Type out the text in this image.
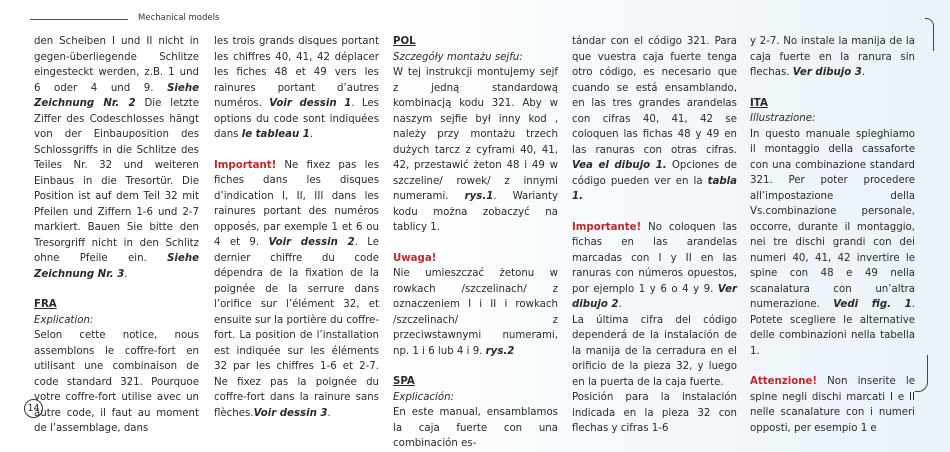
Mechanical models

den Scheiben I und II nicht in gegen-überliegende Schlitze eingesteckt werden, z.B. 1 und 6 oder 4 und 9. Siehe Zeichnung Nr. 2 Die letzte Ziffer des Codeschlosses hängt von der Einbauposition des Schlossgriffs in die Schlitze des Teiles Nr. 32 und weiteren Einbaus in die Tresortür. Die Position ist auf dem Teil 32 mit Pfeilen und Ziffern 1-6 und 2-7 markiert. Bauen Sie bitte den Tresorgriff nicht in den Schlitz ohne Pfeile ein. Siehe Zeichnung Nr. 3.

FRA

Explication:

Selon cette notice, nous assemblons le coffre-fort en utilisant une combinaison de code standard 321. Pourquoe votre coffre-fort utilise avec un autre code, il faut au moment de l’assemblage, dans

les trois grands disques portant les chiffres 40, 41, 42 déplacer les fiches 48 et 49 vers les rainures portant d’autres numéros. Voir dessin 1. Les options du code sont indiquées dans le tableau 1.

Important! Ne fixez pas les fiches dans les disques d’indication I, II, III dans les rainures portant des numéros opposés, par exemple 1 et 6 ou 4 et 9. Voir dessin 2. Le dernier chiffre du code dépendra de la fixation de la poignée de la serrure dans l’orifice sur l’élément 32, et ensuite sur la portière du coffre-fort. La position de l’installation est indiquée sur les éléments 32 par les chiffres 1-6 et 2-7. Ne fixez pas la poignée du coffre-fort dans la rainure sans flèches.Voir dessin 3.

POL

Szczegóły montażu sejfu:

W tej instrukcji montujemy sejf z jedną standardową kombinacją kodu 321. Aby w naszym sejfie był inny kod , należy przy montażu trzech dużych tarcz z cyframi 40, 41, 42, przestawić żeton 48 i 49 w szczeline/ rowek/ z innymi numerami. rys.1. Warianty kodu można zobaczyć na tablicy 1.

Uwaga!

Nie umieszczać żetonu w rowkach /szczelinach/ z oznaczeniem I i II i rowkach /szczelinach/ z przeciwstawnymi numerami, np. 1 i 6 lub 4 i 9. rys.2

SPA

Explicación:

En este manual, ensamblamos la caja fuerte con una combinación es-

tándar con el código 321. Para que vuestra caja fuerte tenga otro código, es necesario que cuando se está ensamblando, en las tres grandes arandelas con cifras 40, 41, 42 se coloquen las fichas 48 y 49 en las ranuras con otras cifras. Vea el dibujo 1. Opciones de código pueden ver en la tabla 1.

Importante! No coloquen las fichas en las arandelas marcadas con I y II en las ranuras con números opuestos, por ejemplo 1 y 6 o 4 y 9. Ver dibujo 2.

La última cifra del código dependerá de la instalación de la manija de la cerradura en el orificio de la pieza 32, y luego en la puerta de la caja fuerte.

Posición para la instalación indicada en la pieza 32 con flechas y cifras 1-6

y 2-7. No instale la manija de la caja fuerte en la ranura sin flechas. Ver dibujo 3.

ITA

Illustrazione:

In questo manuale spieghiamo il montaggio della cassaforte con una combinazione standard 321. Per poter procedere all’impostazione della Vs.combinazione personale, occorre, durante il montaggio, nei tre dischi grandi con dei numeri 40, 41, 42 invertire le spine con 48 e 49 nella scanalatura con un’altra numerazione. Vedi fig. 1. Potete scegliere le alternative delle combinazioni nella tabella 1.

Attenzione! Non inserite le spine negli dischi marcati I e II nelle scanalature con i numeri opposti, per esempio 1 e

14
